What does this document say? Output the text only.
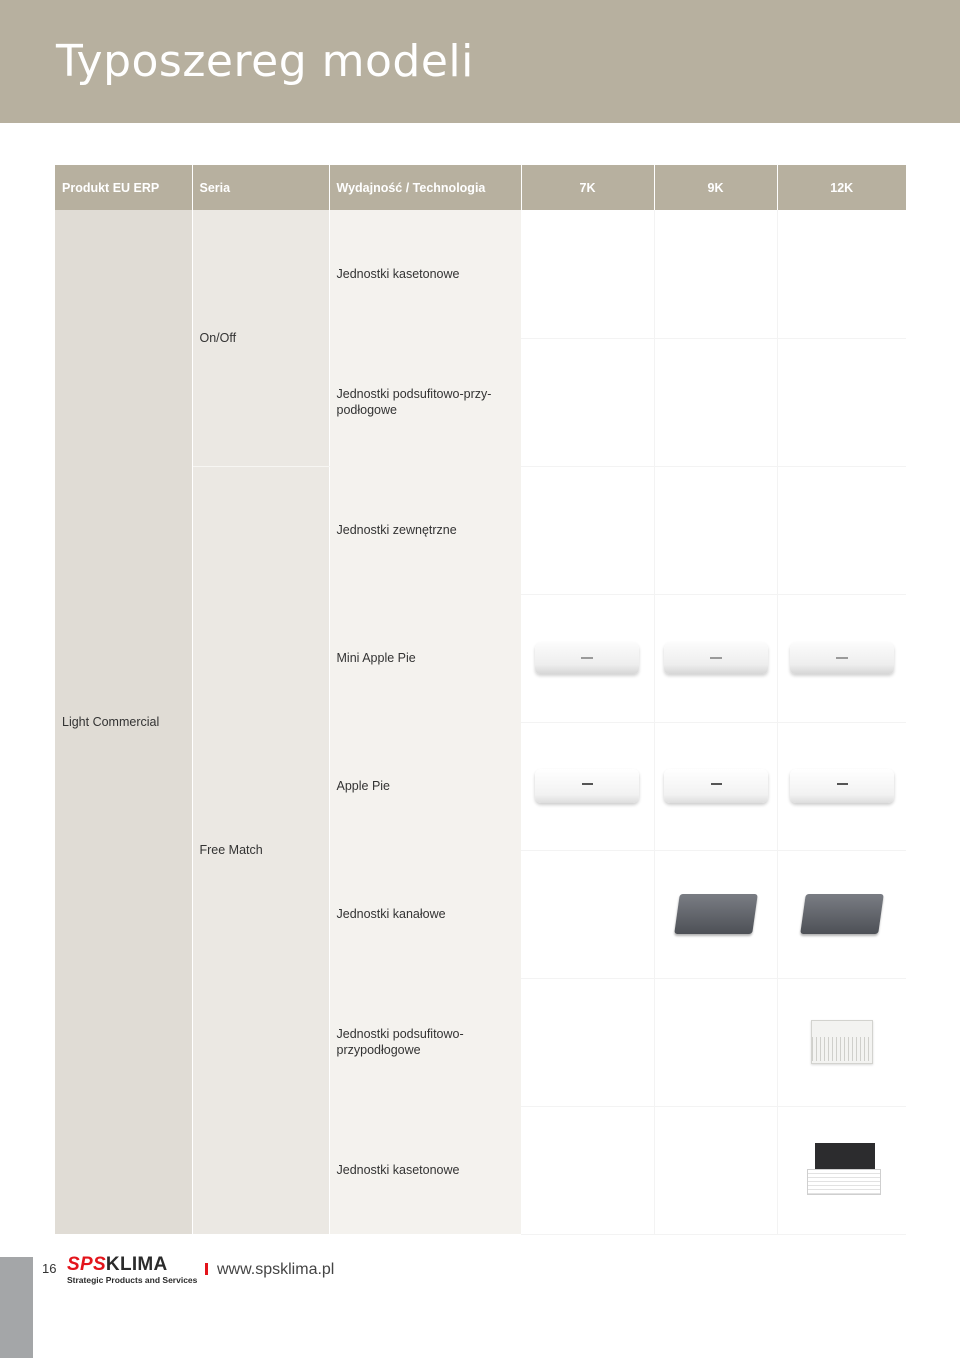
Typoszereg modeli
Produkt EU ERP	Seria	Wydajność / Technologia	7K	9K	12K
Light Commercial	On/Off	Jednostki kasetonowe			
		Jednostki podsufitowo-przy-podłogowe			
	Free Match	Jednostki zewnętrzne			
		Mini Apple Pie			
		Apple Pie			
		Jednostki kanałowe			
		Jednostki podsufitowo-przypodłogowe			
		Jednostki kasetonowe			
16 SPSKLIMA
Strategic Products and Services
www.spsklima.pl
